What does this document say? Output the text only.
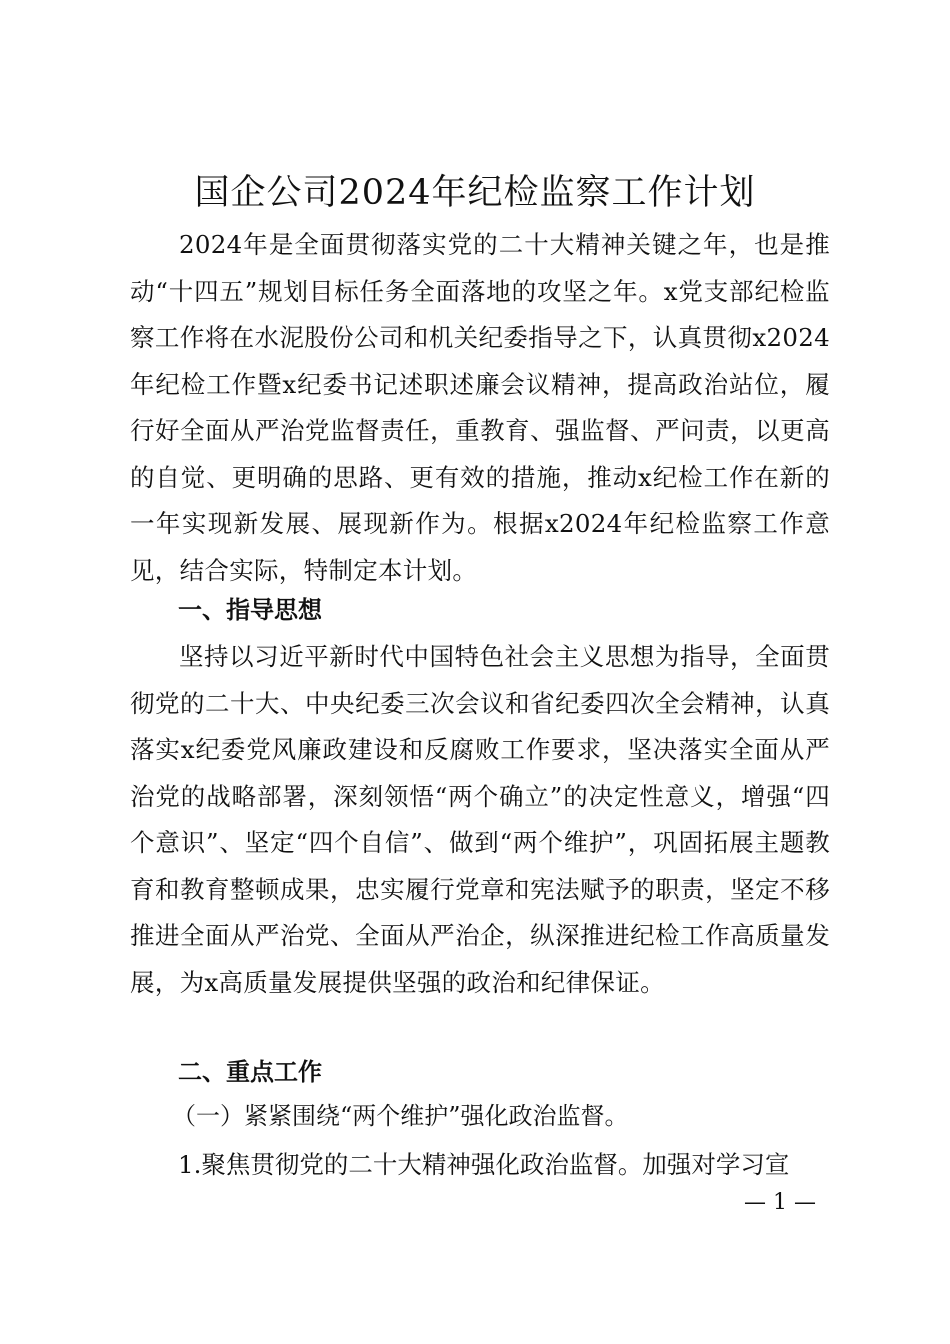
国企公司2024年纪检监察工作计划
2024年是全面贯彻落实党的二十大精神关键之年，也是推动“十四五”规划目标任务全面落地的攻坚之年。x党支部纪检监察工作将在水泥股份公司和机关纪委指导之下，认真贯彻x2024年纪检工作暨x纪委书记述职述廉会议精神，提高政治站位，履行好全面从严治党监督责任，重教育、强监督、严问责，以更高的自觉、更明确的思路、更有效的措施，推动x纪检工作在新的一年实现新发展、展现新作为。根据x2024年纪检监察工作意见，结合实际，特制定本计划。
一、指导思想
坚持以习近平新时代中国特色社会主义思想为指导，全面贯彻党的二十大、中央纪委三次会议和省纪委四次全会精神，认真落实x纪委党风廉政建设和反腐败工作要求，坚决落实全面从严治党的战略部署，深刻领悟“两个确立”的决定性意义，增强“四个意识”、坚定“四个自信”、做到“两个维护”，巩固拓展主题教育和教育整顿成果，忠实履行党章和宪法赋予的职责，坚定不移推进全面从严治党、全面从严治企，纵深推进纪检工作高质量发展，为x高质量发展提供坚强的政治和纪律保证。
二、重点工作
（一）紧紧围绕“两个维护”强化政治监督。
1.聚焦贯彻党的二十大精神强化政治监督。加强对学习宣
— 1 —
